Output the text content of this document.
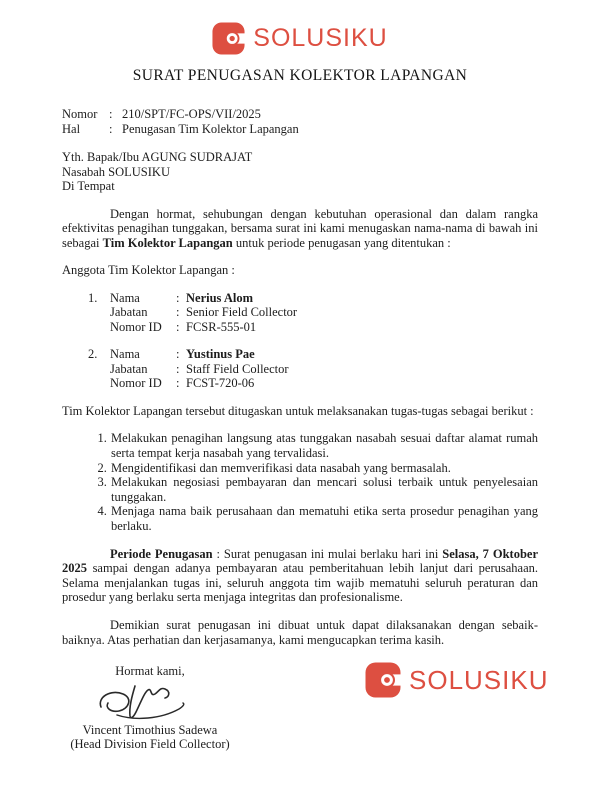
SOLUSIKU
SURAT PENUGASAN KOLEKTOR LAPANGAN
Nomor : 210/SPT/FC-OPS/VII/2025
Hal	: Penugasan Tim Kolektor Lapangan
Yth. Bapak/Ibu AGUNG SUDRAJAT
Nasabah SOLUSIKU
Di Tempat

Dengan hormat, sehubungan dengan kebutuhan operasional dan dalam rangka efektivitas penagihan tunggakan, bersama surat ini kami menugaskan nama-nama di bawah ini sebagai Tim Kolektor Lapangan untuk periode penugasan yang ditentukan :

Anggota Tim Kolektor Lapangan :

1.	Nama	: Nerius Alom
Jabatan	: Senior Field Collector
Nomor ID	: FCSR-555-01
2.	Nama	: Yustinus Pae
Jabatan	: Staff Field Collector
Nomor ID	: FCST-720-06

Tim Kolektor Lapangan tersebut ditugaskan untuk melaksanakan tugas-tugas sebagai berikut :

1. Melakukan penagihan langsung atas tunggakan nasabah sesuai daftar alamat rumah serta tempat kerja nasabah yang tervalidasi.
2. Mengidentifikasi dan memverifikasi data nasabah yang bermasalah.
3. Melakukan negosiasi pembayaran dan mencari solusi terbaik untuk penyelesaian tunggakan.
4. Menjaga nama baik perusahaan dan mematuhi etika serta prosedur penagihan yang berlaku.

Periode Penugasan : Surat penugasan ini mulai berlaku hari ini Selasa, 7 Oktober 2025 sampai dengan adanya pembayaran atau pemberitahuan lebih lanjut dari perusahaan. Selama menjalankan tugas ini, seluruh anggota tim wajib mematuhi seluruh peraturan dan prosedur yang berlaku serta menjaga integritas dan profesionalisme.

Demikian surat penugasan ini dibuat untuk dapat dilaksanakan dengan sebaik-baiknya. Atas perhatian dan kerjasamanya, kami mengucapkan terima kasih.

Hormat kami,
Vincent Timothius Sadewa
(Head Division Field Collector)
SOLUSIKU
